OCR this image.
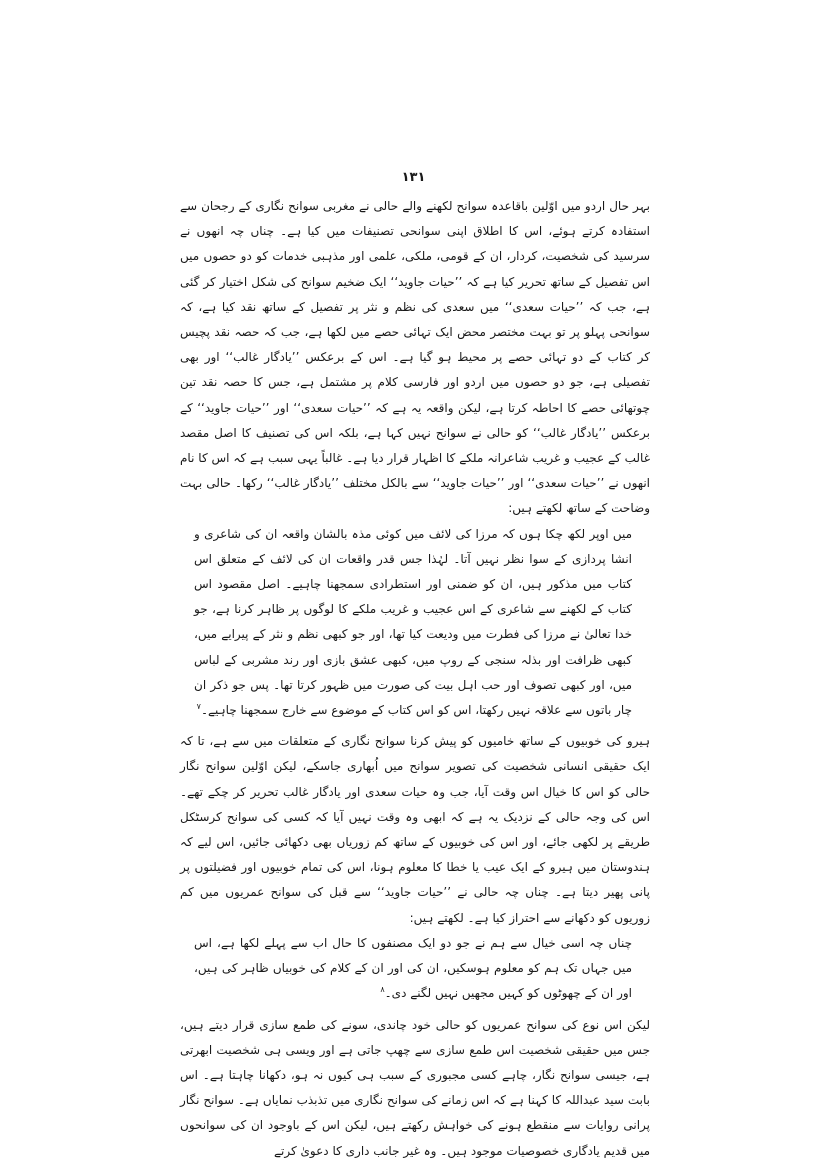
۱۳۱

بہر حال اردو میں اوّلین باقاعدہ سوانح لکھنے والے حالی نے مغربی سوانح نگاری کے رجحان سے استفادہ کرتے ہوئے، اس کا اطلاق اپنی سوانحی تصنیفات میں کیا ہے۔ چناں چہ انھوں نے سرسید کی شخصیت، کردار، ان کے قومی، ملکی، علمی اور مذہبی خدمات کو دو حصوں میں اس تفصیل کے ساتھ تحریر کیا ہے کہ ’’حیات جاوید‘‘ ایک ضخیم سوانح کی شکل اختیار کر گئی ہے، جب کہ ’’حیات سعدی‘‘ میں سعدی کی نظم و نثر پر تفصیل کے ساتھ نقد کیا ہے، کہ سوانحی پہلو پر تو بہت مختصر محض ایک تہائی حصے میں لکھا ہے، جب کہ حصہ نقد پچیس کر کتاب کے دو تہائی حصے پر محیط ہو گیا ہے۔ اس کے برعکس ’’یادگار غالب‘‘ اور بھی تفصیلی ہے، جو دو حصوں میں اردو اور فارسی کلام پر مشتمل ہے، جس کا حصہ نقد تین چوتھائی حصے کا احاطہ کرتا ہے، لیکن واقعہ یہ ہے کہ ’’حیات سعدی‘‘ اور ’’حیات جاوید‘‘ کے برعکس ’’یادگار غالب‘‘ کو حالی نے سوانح نہیں کہا ہے، بلکہ اس کی تصنیف کا اصل مقصد غالب کے عجیب و غریب شاعرانہ ملکے کا اظہار قرار دیا ہے۔ غالباً یہی سبب ہے کہ اس کا نام انھوں نے ’’حیات سعدی‘‘ اور ’’حیات جاوید‘‘ سے بالکل مختلف ’’یادگار غالب‘‘ رکھا۔ حالی بہت وضاحت کے ساتھ لکھتے ہیں:

میں اوپر لکھ چکا ہوں کہ مرزا کی لائف میں کوئی مذہ بالشان واقعہ ان کی شاعری و انشا پردازی کے سوا نظر نہیں آتا۔ لہٰذا جس قدر واقعات ان کی لائف کے متعلق اس کتاب میں مذکور ہیں، ان کو ضمنی اور استطرادی سمجھنا چاہیے۔ اصل مقصود اس کتاب کے لکھنے سے شاعری کے اس عجیب و غریب ملکے کا لوگوں پر ظاہر کرنا ہے، جو خدا تعالیٰ نے مرزا کی فطرت میں ودیعت کیا تھا، اور جو کبھی نظم و نثر کے پیرایے میں، کبھی ظرافت اور بذلہ سنجی کے روپ میں، کبھی عشق بازی اور رند مشربی کے لباس میں، اور کبھی تصوف اور حب اہل بیت کی صورت میں ظہور کرتا تھا۔ پس جو ذکر ان چار باتوں سے علاقہ نہیں رکھتا، اس کو اس کتاب کے موضوع سے خارج سمجھنا چاہیے۔$^۷$

ہیرو کی خوبیوں کے ساتھ خامیوں کو پیش کرنا سوانح نگاری کے متعلقات میں سے ہے، تا کہ ایک حقیقی انسانی شخصیت کی تصویر سوانح میں اُبھاری جاسکے، لیکن اوّلین سوانح نگار حالی کو اس کا خیال اس وقت آیا، جب وہ حیات سعدی اور یادگار غالب تحریر کر چکے تھے۔ اس کی وجہ حالی کے نزدیک یہ ہے کہ ابھی وہ وقت نہیں آیا کہ کسی کی سوانح کرسٹکل طریقے پر لکھی جائے، اور اس کی خوبیوں کے ساتھ کم زوریاں بھی دکھائی جائیں، اس لیے کہ ہندوستان میں ہیرو کے ایک عیب یا خطا کا معلوم ہونا، اس کی تمام خوبیوں اور فضیلتوں پر پانی پھیر دیتا ہے۔ چناں چہ حالی نے ’’حیات جاوید‘‘ سے قبل کی سوانح عمریوں میں کم زوریوں کو دکھانے سے احتراز کیا ہے۔ لکھتے ہیں:

چناں چہ اسی خیال سے ہم نے جو دو ایک مصنفوں کا حال اب سے پہلے لکھا ہے، اس میں جہاں تک ہم کو معلوم ہوسکیں، ان کی اور ان کے کلام کی خوبیاں ظاہر کی ہیں، اور ان کے چھوٹوں کو کہیں مجھیں نہیں لگنے دی۔$^۸$

لیکن اس نوع کی سوانح عمریوں کو حالی خود چاندی، سونے کی طمع سازی قرار دیتے ہیں، جس میں حقیقی شخصیت اس طمع سازی سے چھپ جاتی ہے اور ویسی ہی شخصیت ابھرتی ہے، جیسی سوانح نگار، چاہے کسی مجبوری کے سبب ہی کیوں نہ ہو، دکھانا چاہتا ہے۔ اس بابت سید عبداللہ کا کہنا ہے کہ اس زمانے کی سوانح نگاری میں تذبذب نمایاں ہے۔ سوانح نگار پرانی روایات سے منقطع ہونے کی خواہش رکھتے ہیں، لیکن اس کے باوجود ان کی سوانحوں میں قدیم یادگاری خصوصیات موجود ہیں۔ وہ غیر جانب داری کا دعویٰ کرتے
